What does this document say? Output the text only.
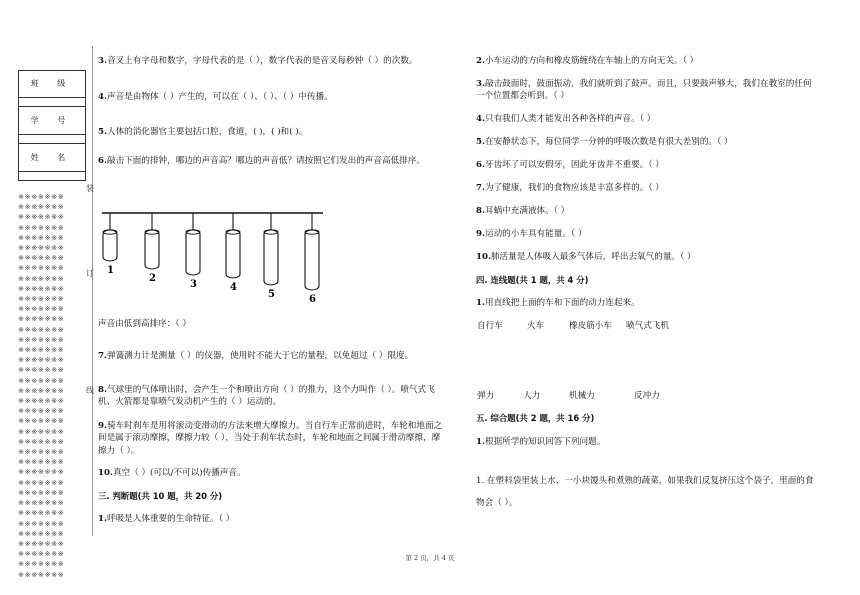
班 级
学 号
姓 名
※※※※※※※
※※※※※※※
※※※※※※※
※※※※※※※
※※※※※※※
※※※※※※※
※※※※※※※
※※※※※※※
※※※※※※※
※※※※※※※
※※※※※※※
※※※※※※※
※※※※※※※
※※※※※※※
※※※※※※※
※※※※※※※
※※※※※※※
※※※※※※※
※※※※※※※
※※※※※※※
※※※※※※※
※※※※※※※
※※※※※※※
※※※※※※※
※※※※※※※
※※※※※※※
※※※※※※※
※※※※※※※
※※※※※※※
※※※※※※※
※※※※※※※
※※※※※※※
※※※※※※※
※※※※※※※
※※※※※※※
※※※※※※※
※※※※※※※
※※※※※※※
装
订
线
3.音叉上有字母和数字，字母代表的是（ ），数字代表的是音叉每秒钟（ ）的次数。
4.声音是由物体（ ）产生的，可以在（ ）、（ ）、（ ）中传播。
5.人体的消化器官主要包括口腔，食道，( )，( )和( )。
6.敲击下面的排钟，哪边的声音高？哪边的声音低？请按照它们发出的声音高低排序。
1
2
3	4
5	6
声音由低到高排序：（ ）
7.弹簧测力计是测量（ ）的仪器，使用时不能大于它的量程，以免超过（ ）限度。
8.气球里的气体喷出时，会产生一个和喷出方向（ ）的推力，这个力叫作（ ）。喷气式飞机、火箭都是靠喷气发动机产生的（ ）运动的。
9.骑车时刹车是用将滚动变滑动的方法来增大摩擦力。当自行车正常前进时，车轮和地面之间是属于滚动摩擦，摩擦力较（ ），当处于刹车状态时，车轮和地面之间属于滑动摩擦，摩擦力（ ）。
10.真空（ ）(可以/不可以)传播声音。
三. 判断题(共 10 题，共 20 分)
1.呼吸是人体重要的生命特征。（ ）
2.小车运动的方向和橡皮筋缠绕在车轴上的方向无关。（ ）
3.敲击鼓面时，鼓面振动，我们就听到了鼓声。而且，只要鼓声够大，我们在教室的任何一个位置都会听到。（ ）
4.只有我们人类才能发出各种各样的声音。（ ）
5.在安静状态下，每位同学一分钟的呼吸次数是有很大差别的。（ ）
6.牙齿坏了可以安假牙，因此牙齿并不重要。（ ）
7.为了健康，我们的食物应该是丰富多样的。（ ）
8.耳蜗中充满液体。（ ）
9.运动的小车具有能量。（ ）
10.肺活量是人体吸入最多气体后，呼出去氧气的量。（ ）
四. 连线题(共 1 题，共 4 分)
1.用直线把上面的车和下面的动力连起来。
自行车	火车	橡皮筋小车 喷气式飞机
弹力	人力	机械力	反冲力
五. 综合题(共 2 题，共 16 分)
1.根据所学的知识回答下列问题。
1. 在塑料袋里装上水、一小块馒头和煮熟的蔬菜，如果我们反复挤压这个袋子，里面的食物会（ ）。
第 2 页，共 4 页
